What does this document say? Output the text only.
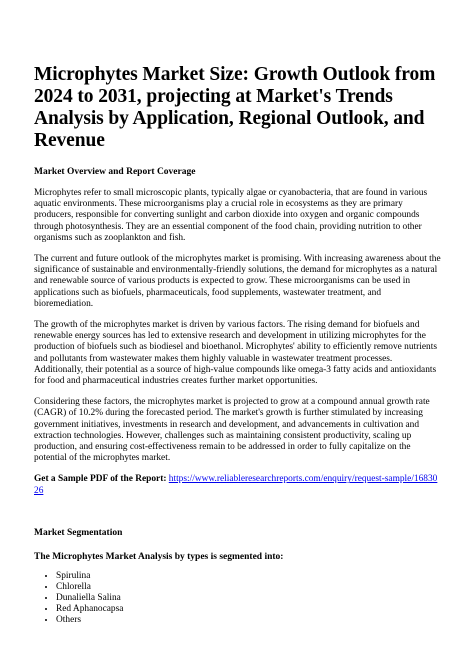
Microphytes Market Size: Growth Outlook from 2024 to 2031, projecting at Market's Trends Analysis by Application, Regional Outlook, and Revenue
Market Overview and Report Coverage

Microphytes refer to small microscopic plants, typically algae or cyanobacteria, that are found in various aquatic environments. These microorganisms play a crucial role in ecosystems as they are primary producers, responsible for converting sunlight and carbon dioxide into oxygen and organic compounds through photosynthesis. They are an essential component of the food chain, providing nutrition to other organisms such as zooplankton and fish.

The current and future outlook of the microphytes market is promising. With increasing awareness about the significance of sustainable and environmentally-friendly solutions, the demand for microphytes as a natural and renewable source of various products is expected to grow. These microorganisms can be used in applications such as biofuels, pharmaceuticals, food supplements, wastewater treatment, and bioremediation.

The growth of the microphytes market is driven by various factors. The rising demand for biofuels and renewable energy sources has led to extensive research and development in utilizing microphytes for the production of biofuels such as biodiesel and bioethanol. Microphytes' ability to efficiently remove nutrients and pollutants from wastewater makes them highly valuable in wastewater treatment processes. Additionally, their potential as a source of high-value compounds like omega-3 fatty acids and antioxidants for food and pharmaceutical industries creates further market opportunities.

Considering these factors, the microphytes market is projected to grow at a compound annual growth rate (CAGR) of 10.2% during the forecasted period. The market's growth is further stimulated by increasing government initiatives, investments in research and development, and advancements in cultivation and extraction technologies. However, challenges such as maintaining consistent productivity, scaling up production, and ensuring cost-effectiveness remain to be addressed in order to fully capitalize on the potential of the microphytes market.

Get a Sample PDF of the Report: https://www.reliableresearchreports.com/enquiry/request-sample/1683026

Market Segmentation
The Microphytes Market Analysis by types is segmented into:
• Spirulina
• Chlorella
• Dunaliella Salina
• Red Aphanocapsa
• Others
